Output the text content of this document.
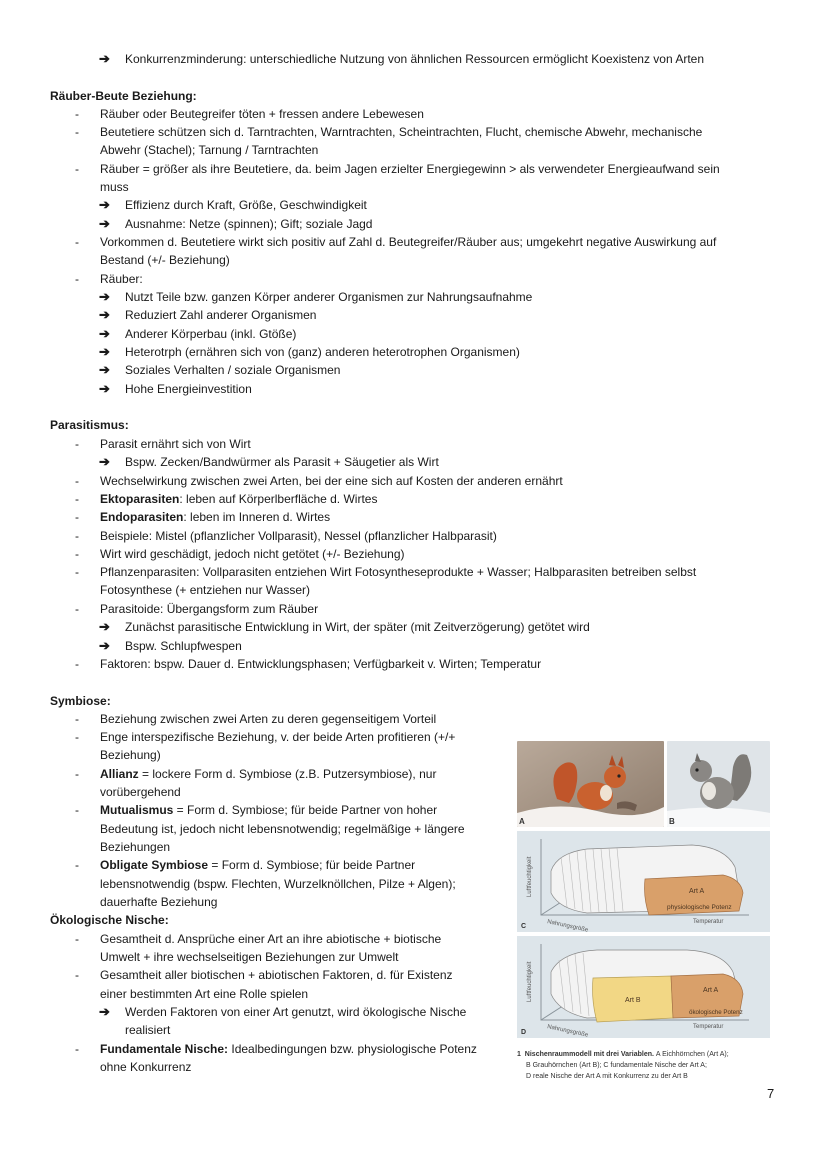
➔ Konkurrenzminderung: unterschiedliche Nutzung von ähnlichen Ressourcen ermöglicht Koexistenz von Arten
Räuber-Beute Beziehung:
- Räuber oder Beutegreifer töten + fressen andere Lebewesen
- Beutetiere schützen sich d. Tarntrachten, Warntrachten, Scheintrachten, Flucht, chemische Abwehr, mechanische
Abwehr (Stachel); Tarnung / Tarntrachten
- Räuber = größer als ihre Beutetiere, da. beim Jagen erzielter Energiegewinn > als verwendeter Energieaufwand sein
muss
➔ Effizienz durch Kraft, Größe, Geschwindigkeit
➔ Ausnahme: Netze (spinnen); Gift; soziale Jagd
- Vorkommen d. Beutetiere wirkt sich positiv auf Zahl d. Beutegreifer/Räuber aus; umgekehrt negative Auswirkung auf
Bestand (+/- Beziehung)
- Räuber:
➔ Nutzt Teile bzw. ganzen Körper anderer Organismen zur Nahrungsaufnahme
➔ Reduziert Zahl anderer Organismen
➔ Anderer Körperbau (inkl. Gtöße)
➔ Heterotrph (ernähren sich von (ganz) anderen heterotrophen Organismen)
➔ Soziales Verhalten / soziale Organismen
➔ Hohe Energieinvestition
Parasitismus:
- Parasit ernährt sich von Wirt
➔ Bspw. Zecken/Bandwürmer als Parasit + Säugetier als Wirt
- Wechselwirkung zwischen zwei Arten, bei der eine sich auf Kosten der anderen ernährt
- Ektoparasiten: leben auf Körperlberfläche d. Wirtes
- Endoparasiten: leben im Inneren d. Wirtes
- Beispiele: Mistel (pflanzlicher Vollparasit), Nessel (pflanzlicher Halbparasit)
- Wirt wird geschädigt, jedoch nicht getötet (+/- Beziehung)
- Pflanzenparasiten: Vollparasiten entziehen Wirt Fotosyntheseprodukte + Wasser; Halbparasiten betreiben selbst
Fotosynthese (+ entziehen nur Wasser)
- Parasitoide: Übergangsform zum Räuber
➔ Zunächst parasitische Entwicklung in Wirt, der später (mit Zeitverzögerung) getötet wird
➔ Bspw. Schlupfwespen
- Faktoren: bspw. Dauer d. Entwicklungsphasen; Verfügbarkeit v. Wirten; Temperatur
Symbiose:
- Beziehung zwischen zwei Arten zu deren gegenseitigem Vorteil
- Enge interspezifische Beziehung, v. der beide Arten profitieren (+/+
Beziehung)
- Allianz = lockere Form d. Symbiose (z.B. Putzersymbiose), nur
vorübergehend
- Mutualismus = Form d. Symbiose; für beide Partner von hoher
Bedeutung ist, jedoch nicht lebensnotwendig; regelmäßige + längere
Beziehungen
- Obligate Symbiose = Form d. Symbiose; für beide Partner
lebensnotwendig (bspw. Flechten, Wurzelknöllchen, Pilze + Algen);
dauerhafte Beziehung
Ökologische Nische:
- Gesamtheit d. Ansprüche einer Art an ihre abiotische + biotische
Umwelt + ihre wechselseitigen Beziehungen zur Umwelt
- Gesamtheit aller biotischen + abiotischen Faktoren, d. für Existenz
einer bestimmten Art eine Rolle spielen
➔ Werden Faktoren von einer Art genutzt, wird ökologische Nische
realisiert
- Fundamentale Nische: Idealbedingungen bzw. physiologische Potenz
ohne Konkurrenz
A	B
Art A
physiologische Potenz
Nahrungsgröße	Temperatur
Luftfeuchtigkeit
C
Art B
Art A
ökologische Potenz
Nahrungsgröße	Temperatur
Luftfeuchtigkeit
D
1 Nischenraummodell mit drei Variablen. A Eichhörnchen (Art A);
B Grauhörnchen (Art B); C fundamentale Nische der Art A;
D reale Nische der Art A mit Konkurrenz zu der Art B
7
